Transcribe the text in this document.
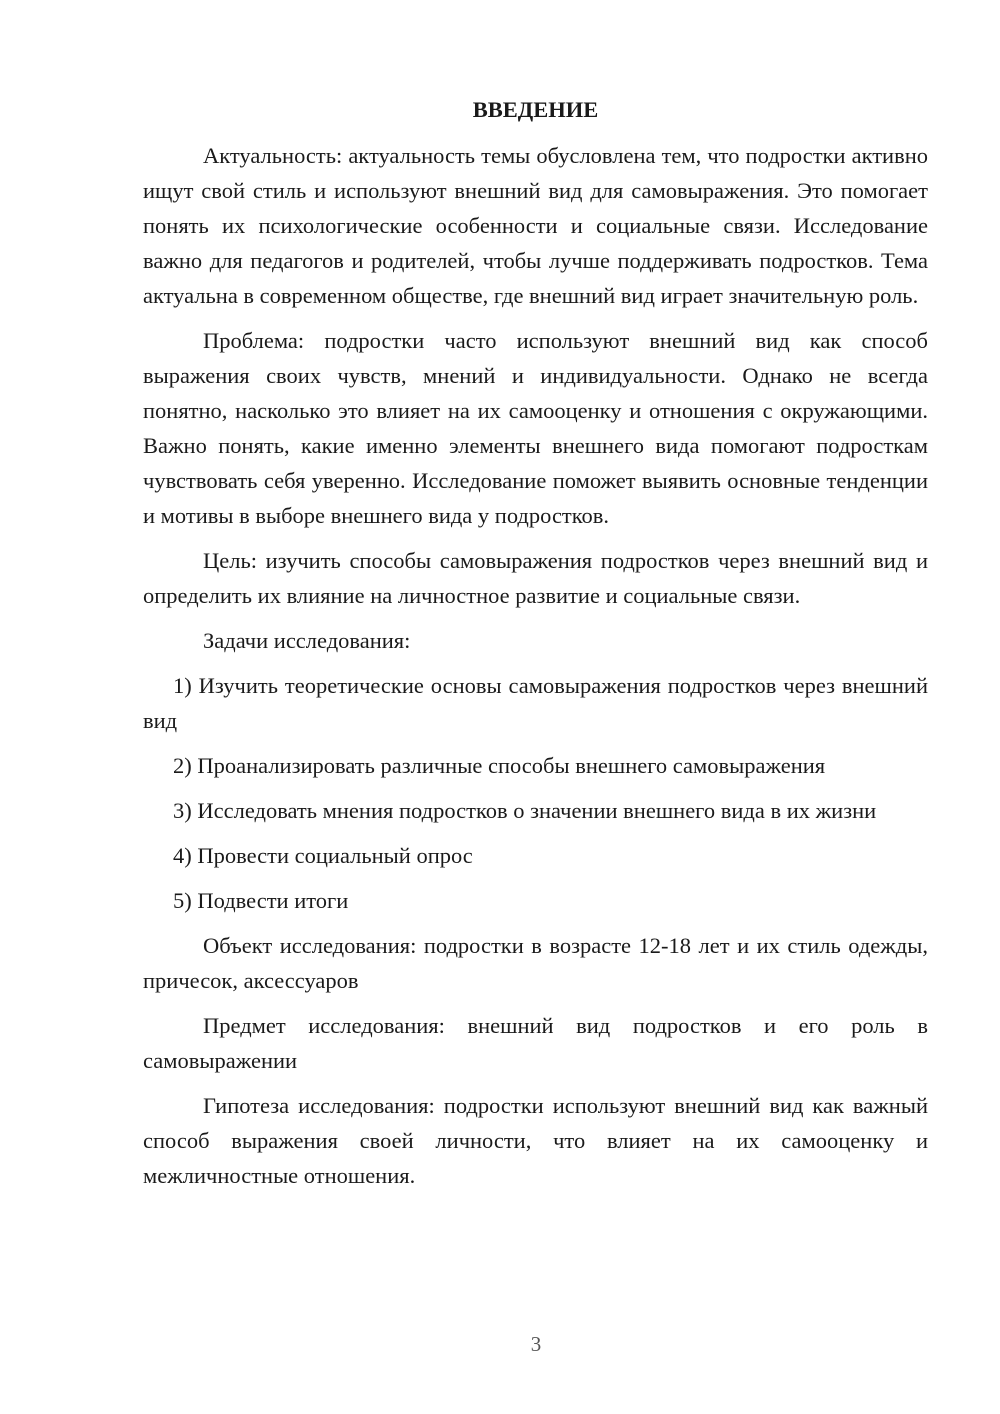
ВВЕДЕНИЕ

Актуальность: актуальность темы обусловлена тем, что подростки активно ищут свой стиль и используют внешний вид для самовыражения. Это помогает понять их психологические особенности и социальные связи. Исследование важно для педагогов и родителей, чтобы лучше поддерживать подростков. Тема актуальна в современном обществе, где внешний вид играет значительную роль.

Проблема: подростки часто используют внешний вид как способ выражения своих чувств, мнений и индивидуальности. Однако не всегда понятно, насколько это влияет на их самооценку и отношения с окружающими. Важно понять, какие именно элементы внешнего вида помогают подросткам чувствовать себя уверенно. Исследование поможет выявить основные тенденции и мотивы в выборе внешнего вида у подростков.

Цель: изучить способы самовыражения подростков через внешний вид и определить их влияние на личностное развитие и социальные связи.

Задачи исследования:

1) Изучить теоретические основы самовыражения подростков через внешний вид

2) Проанализировать различные способы внешнего самовыражения

3) Исследовать мнения подростков о значении внешнего вида в их жизни

4) Провести социальный опрос

5) Подвести итоги

Объект исследования: подростки в возрасте 12-18 лет и их стиль одежды, причесок, аксессуаров

Предмет исследования: внешний вид подростков и его роль в самовыражении

Гипотеза исследования: подростки используют внешний вид как важный способ выражения своей личности, что влияет на их самооценку и межличностные отношения.

3
